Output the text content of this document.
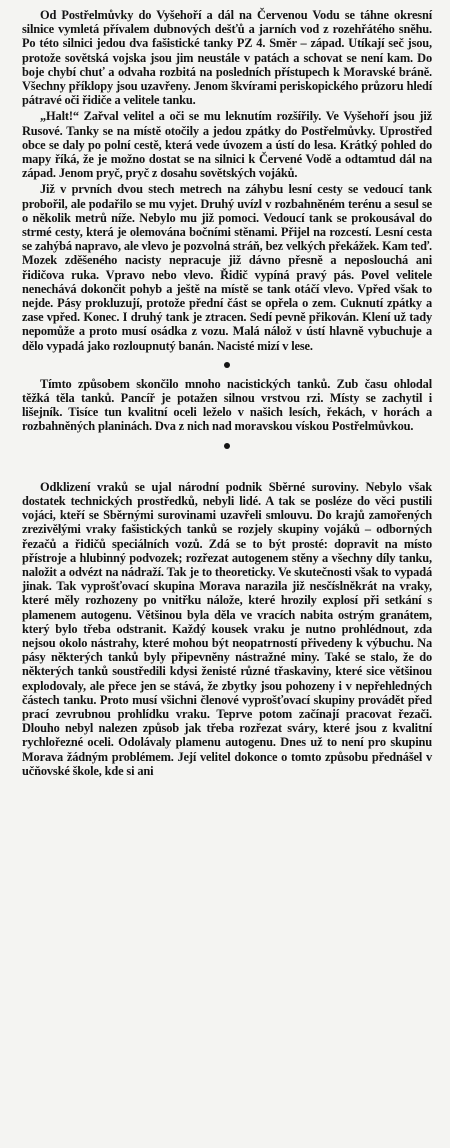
Od Postřelmůvky do Vyšehoří a dál na Červenou Vodu se táhne okresní silnice vymletá přívalem dubnových dešťů a jarních vod z rozehřátého sněhu. Po této silnici jedou dva fašistické tanky PZ 4. Směr – západ. Utíkají seč jsou, protože sovětská vojska jsou jim neustále v patách a schovat se není kam. Do boje chybí chuť a odvaha rozbitá na posledních přístupech k Moravské bráně. Všechny příklopy jsou uzavřeny. Jenom škvírami periskopického průzoru hledí pátravé oči řidiče a velitele tanku.

„Halt!“ Zařval velitel a oči se mu leknutím rozšířily. Ve Vyšehoří jsou již Rusové. Tanky se na místě otočily a jedou zpátky do Postřelmůvky. Uprostřed obce se daly po polní cestě, která vede úvozem a ústí do lesa. Krátký pohled do mapy říká, že je možno dostat se na silnici k Červené Vodě a odtamtud dál na západ. Jenom pryč, pryč z dosahu sovětských vojáků.

Již v prvních dvou stech metrech na záhybu lesní cesty se vedoucí tank probořil, ale podařilo se mu vyjet. Druhý uvízl v rozbahněném terénu a sesul se o několik metrů níže. Nebylo mu již pomoci. Vedoucí tank se prokousával do strmé cesty, která je olemována bočními stěnami. Přijel na rozcestí. Lesní cesta se zahýbá napravo, ale vlevo je pozvolná stráň, bez velkých překážek. Kam teď. Mozek zděšeného nacisty nepracuje již dávno přesně a neposlouchá ani řidičova ruka. Vpravo nebo vlevo. Řidič vypíná pravý pás. Povel velitele nenechává dokončit pohyb a ještě na místě se tank otáčí vlevo. Vpřed však to nejde. Pásy prokluzují, protože přední část se opřela o zem. Cuknutí zpátky a zase vpřed. Konec. I druhý tank je ztracen. Sedí pevně přikován. Klení už tady nepomůže a proto musí osádka z vozu. Malá nálož v ústí hlavně vybuchuje a dělo vypadá jako rozloupnutý banán. Nacisté mizí v lese.

Tímto způsobem skončilo mnoho nacistických tanků. Zub času ohlodal těžká těla tanků. Pancíř je potažen silnou vrstvou rzi. Místy se zachytil i lišejník. Tisíce tun kvalitní oceli leželo v našich lesích, řekách, v horách a rozbahněných planinách. Dva z nich nad moravskou vískou Postřelmůvkou.

Odklizení vraků se ujal národní podnik Sběrné suroviny. Nebylo však dostatek technických prostředků, nebyli lidé. A tak se posléze do věci pustili vojáci, kteří se Sběrnými surovinami uzavřeli smlouvu. Do krajů zamořených zrezivělými vraky fašistických tanků se rozjely skupiny vojáků – odborných řezačů a řidičů speciálních vozů. Zdá se to být prosté: dopravit na místo přístroje a hlubinný podvozek; rozřezat autogenem stěny a všechny díly tanku, naložit a odvézt na nádraží. Tak je to theoreticky. Ve skutečnosti však to vypadá jinak. Tak vyprošťovací skupina Morava narazila již nesčíslněkrát na vraky, které měly rozhozeny po vnitřku nálože, které hrozily explosí při setkání s plamenem autogenu. Většinou byla děla ve vracích nabita ostrým granátem, který bylo třeba odstranit. Každý kousek vraku je nutno prohlédnout, zda nejsou okolo nástrahy, které mohou být neopatrností přivedeny k výbuchu. Na pásy některých tanků byly připevněny nástražné miny. Také se stalo, že do některých tanků soustředili kdysi ženisté různé třaskaviny, které sice většinou explodovaly, ale přece jen se stává, že zbytky jsou pohozeny i v nepřehledných částech tanku. Proto musí všichni členové vyprošťovací skupiny provádět před prací zevrubnou prohlídku vraku. Teprve potom začínají pracovat řezači. Dlouho nebyl nalezen způsob jak třeba rozřezat sváry, které jsou z kvalitní rychlořezné oceli. Odolávaly plamenu autogenu. Dnes už to není pro skupinu Morava žádným problémem. Její velitel dokonce o tomto způsobu přednášel v učňovské škole, kde si ani
